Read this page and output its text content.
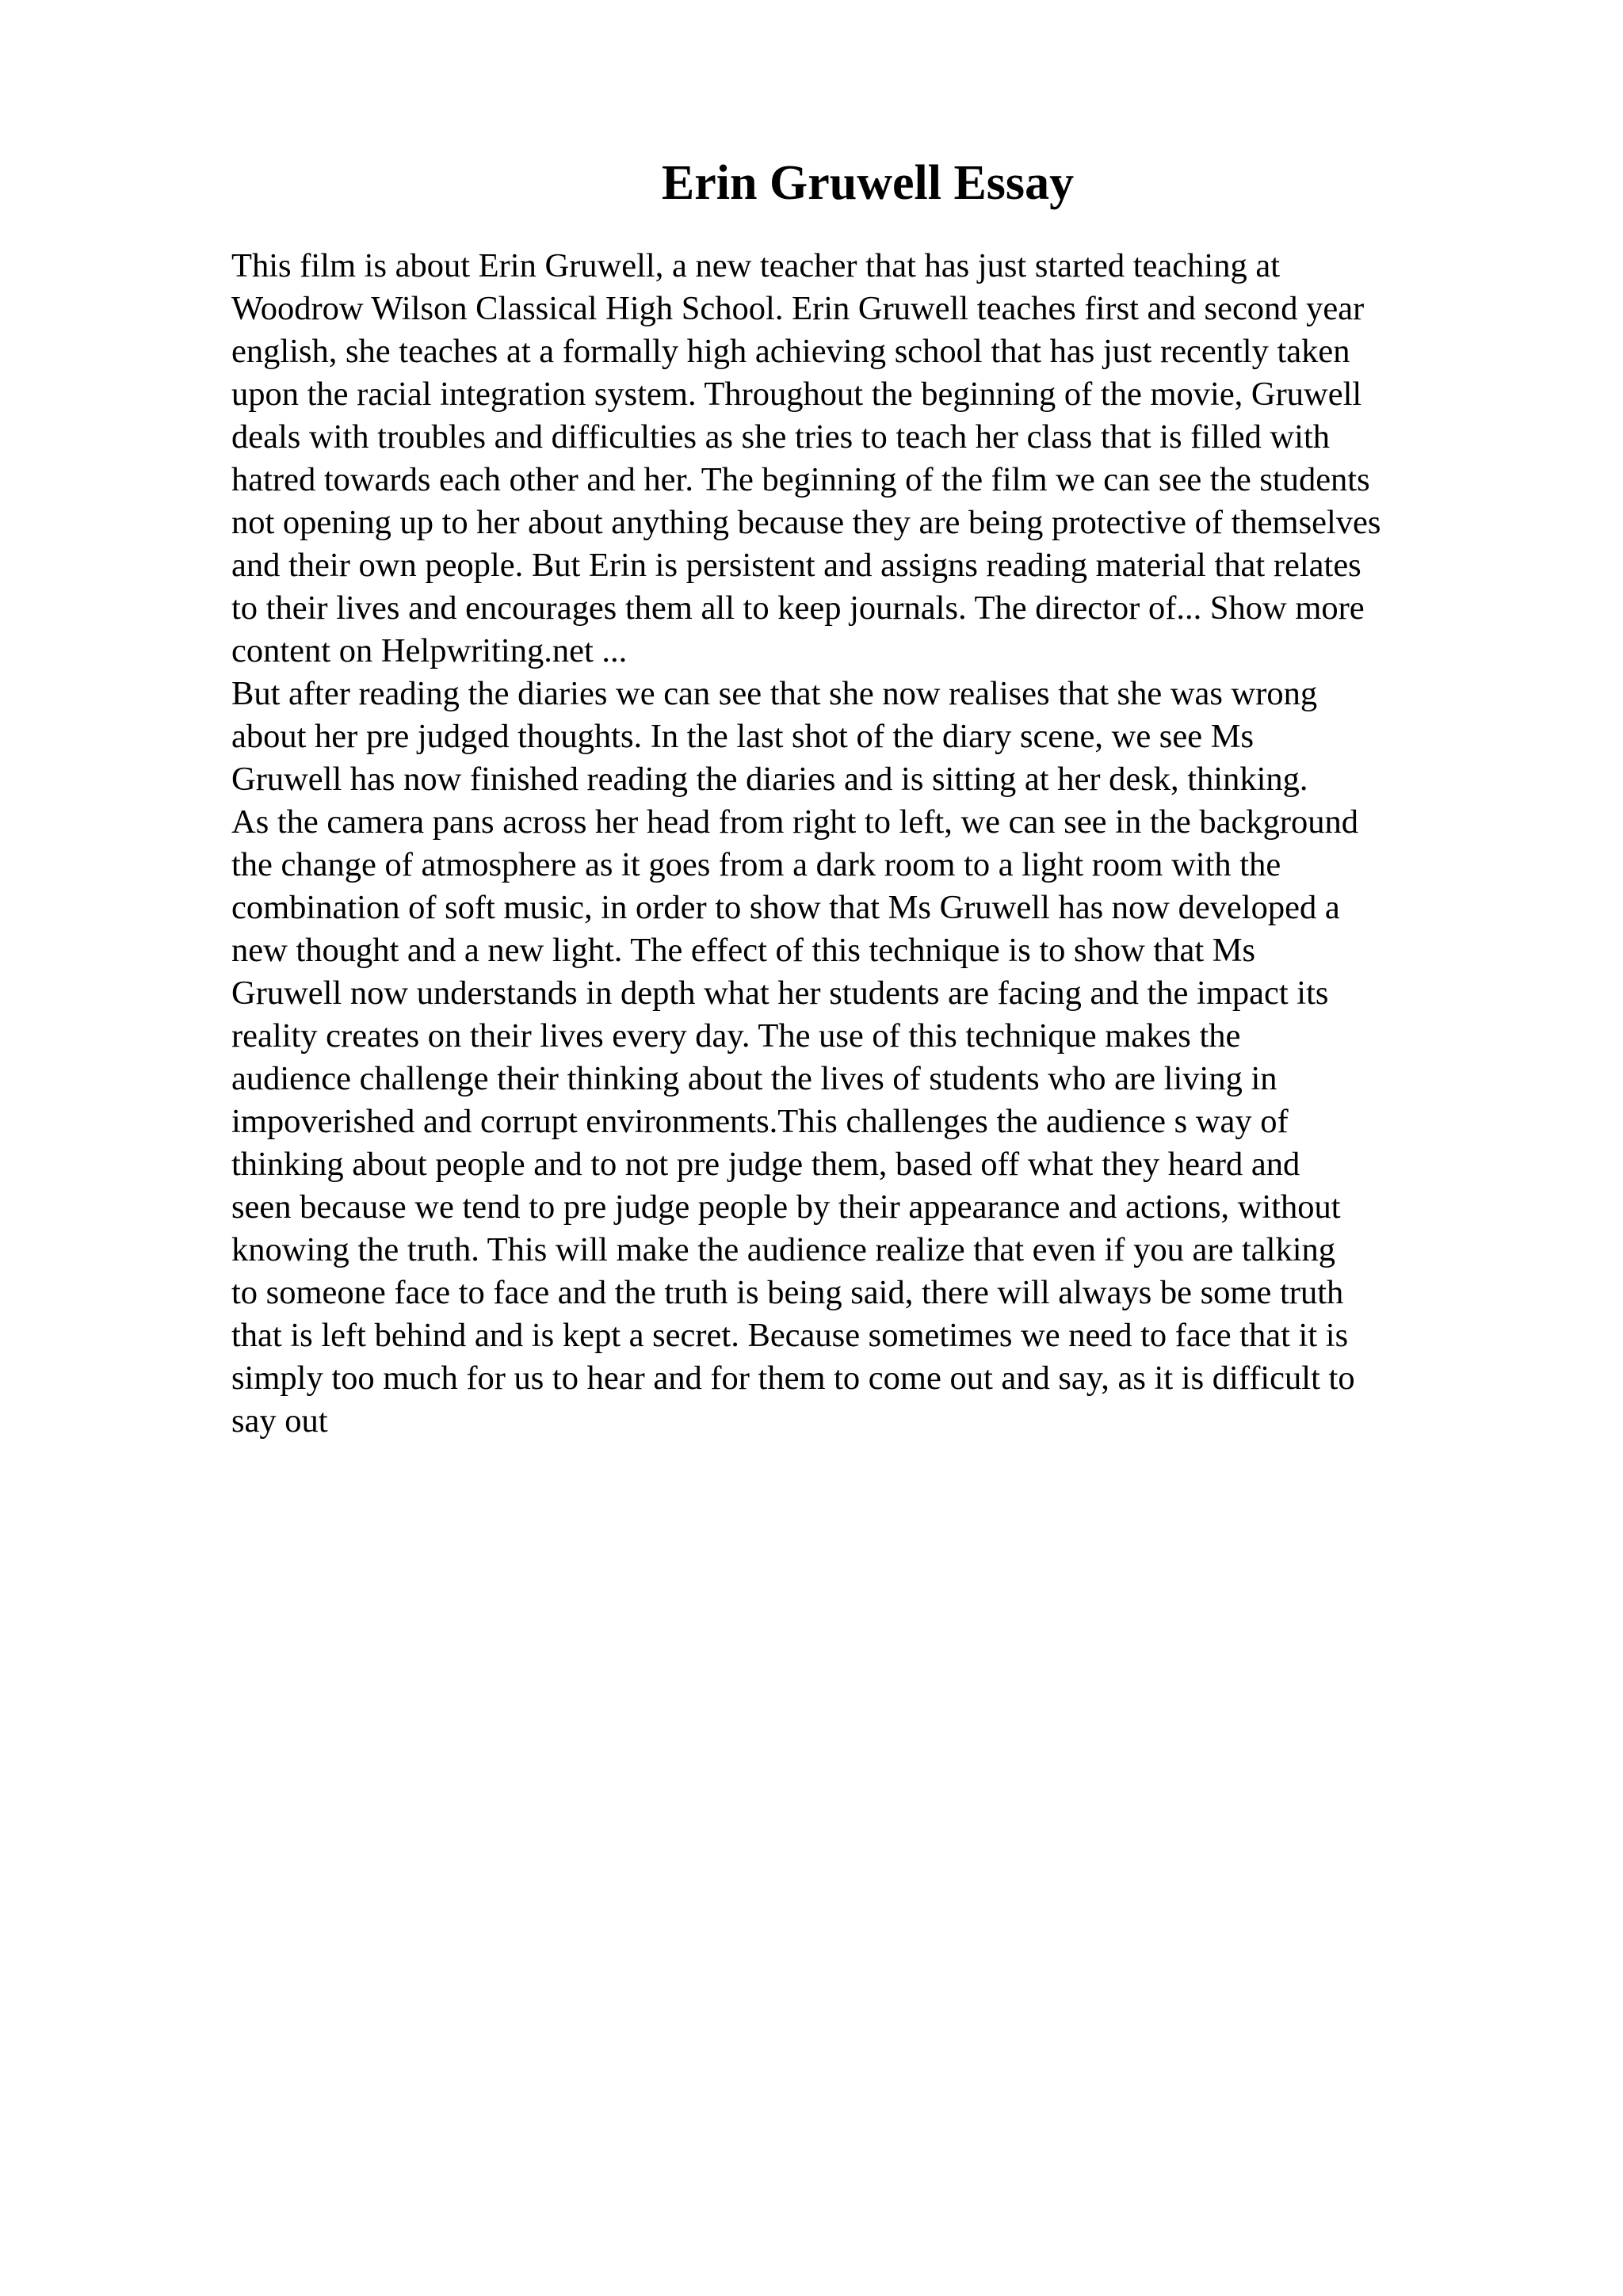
Erin Gruwell Essay
This film is about Erin Gruwell, a new teacher that has just started teaching at
Woodrow Wilson Classical High School. Erin Gruwell teaches first and second year
english, she teaches at a formally high achieving school that has just recently taken
upon the racial integration system. Throughout the beginning of the movie, Gruwell
deals with troubles and difficulties as she tries to teach her class that is filled with
hatred towards each other and her. The beginning of the film we can see the students
not opening up to her about anything because they are being protective of themselves
and their own people. But Erin is persistent and assigns reading material that relates
to their lives and encourages them all to keep journals. The director of... Show more
content on Helpwriting.net ...
But after reading the diaries we can see that she now realises that she was wrong
about her pre judged thoughts. In the last shot of the diary scene, we see Ms
Gruwell has now finished reading the diaries and is sitting at her desk, thinking.
As the camera pans across her head from right to left, we can see in the background
the change of atmosphere as it goes from a dark room to a light room with the
combination of soft music, in order to show that Ms Gruwell has now developed a
new thought and a new light. The effect of this technique is to show that Ms
Gruwell now understands in depth what her students are facing and the impact its
reality creates on their lives every day. The use of this technique makes the
audience challenge their thinking about the lives of students who are living in
impoverished and corrupt environments.This challenges the audience s way of
thinking about people and to not pre judge them, based off what they heard and
seen because we tend to pre judge people by their appearance and actions, without
knowing the truth. This will make the audience realize that even if you are talking
to someone face to face and the truth is being said, there will always be some truth
that is left behind and is kept a secret. Because sometimes we need to face that it is
simply too much for us to hear and for them to come out and say, as it is difficult to
say out
